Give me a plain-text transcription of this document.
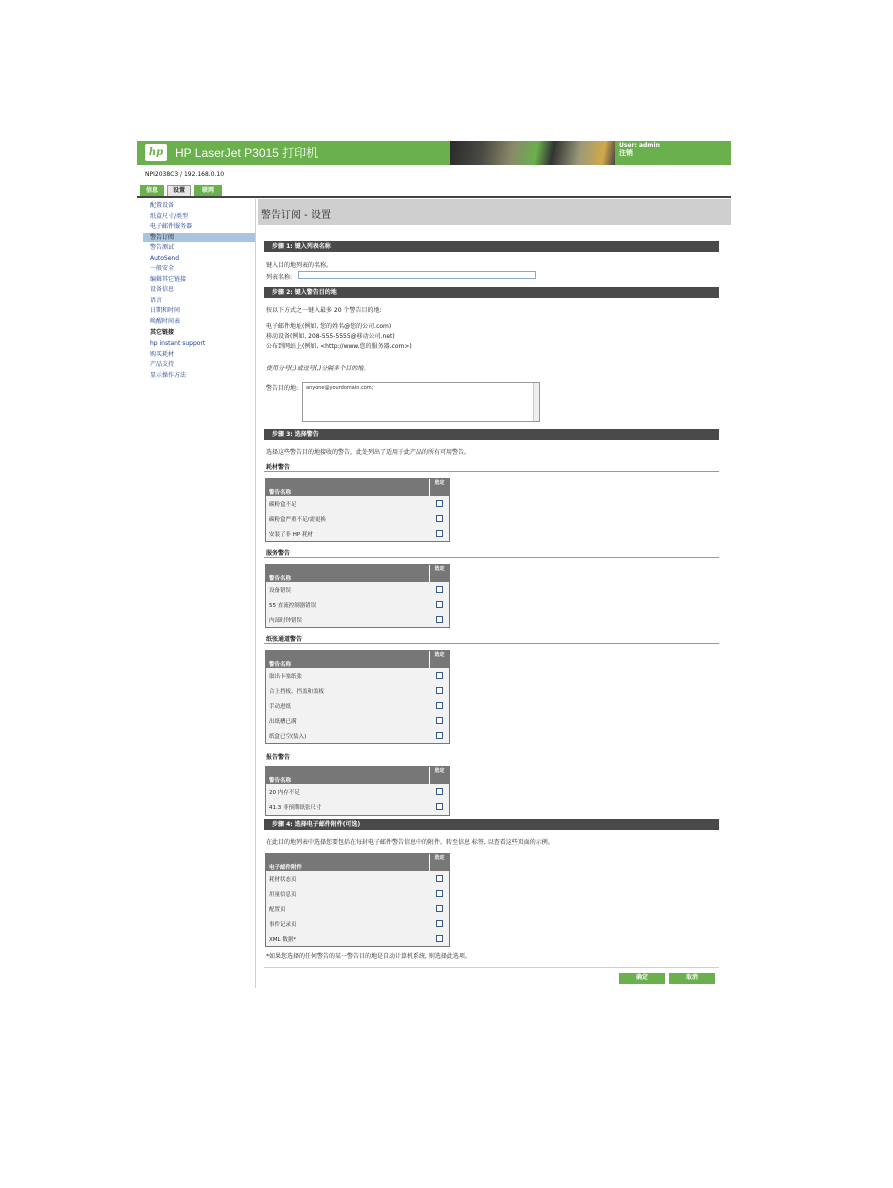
hp HP LaserJet P3015 打印机
User: admin
注销
NPI2038C3 / 192.168.0.10
信息	设置	联网
配置设备
纸盒尺寸/类型
电子邮件服务器
警告订阅
警告测试
AutoSend
一般安全
编辑其它链接
设备信息
语言
日期和时间
唤醒时间表
其它链接
hp instant support
购买耗材
产品支持
显示操作方法
警告订阅 - 设置
步骤 1: 键入列表名称
键入目的地列表的名称。
列表名称:
步骤 2: 键入警告目的地
按以下方式之一键入最多 20 个警告目的地:
电子邮件地址(例如, 您的姓名@您的公司.com)
移动设备(例如, 208-555-5555@移动公司.net)
公布到网站上(例如, <http://www.您的服务器.com>)
使用分号(;)或逗号(,)分隔多个目的地。
警告目的地:	anyone@yourdomain.com;
步骤 3: 选择警告
选择这些警告目的地接收的警告。此处列出了适用于此产品的所有可用警告。
耗材警告
警告名称
选定
碳粉盒不足
碳粉盒严重不足/需更换
安装了非 HP 耗材
服务警告
警告名称
选定
设备错误
55 直流控制器错误
内部时钟错误
纸张通道警告
警告名称
选定
取出卡塞纸张
合上挡板、挡盖和盖板
手动进纸
出纸槽已满
纸盒已空(装入)
报告警告
警告名称
选定
20 内存不足
41.3 非预期纸张尺寸
步骤 4: 选择电子邮件附件(可选)
在此目的地列表中选择您要包括在每封电子邮件警告信息中的附件。转至信息 标签, 以查看这些页面的示例。
电子邮件附件
选定
耗材状态页
用量信息页
配置页
事件记录页
XML 数据*
*如果您选择的任何警告的某一警告目的地是自动计算机系统, 则选择此选项。
确定	取消
